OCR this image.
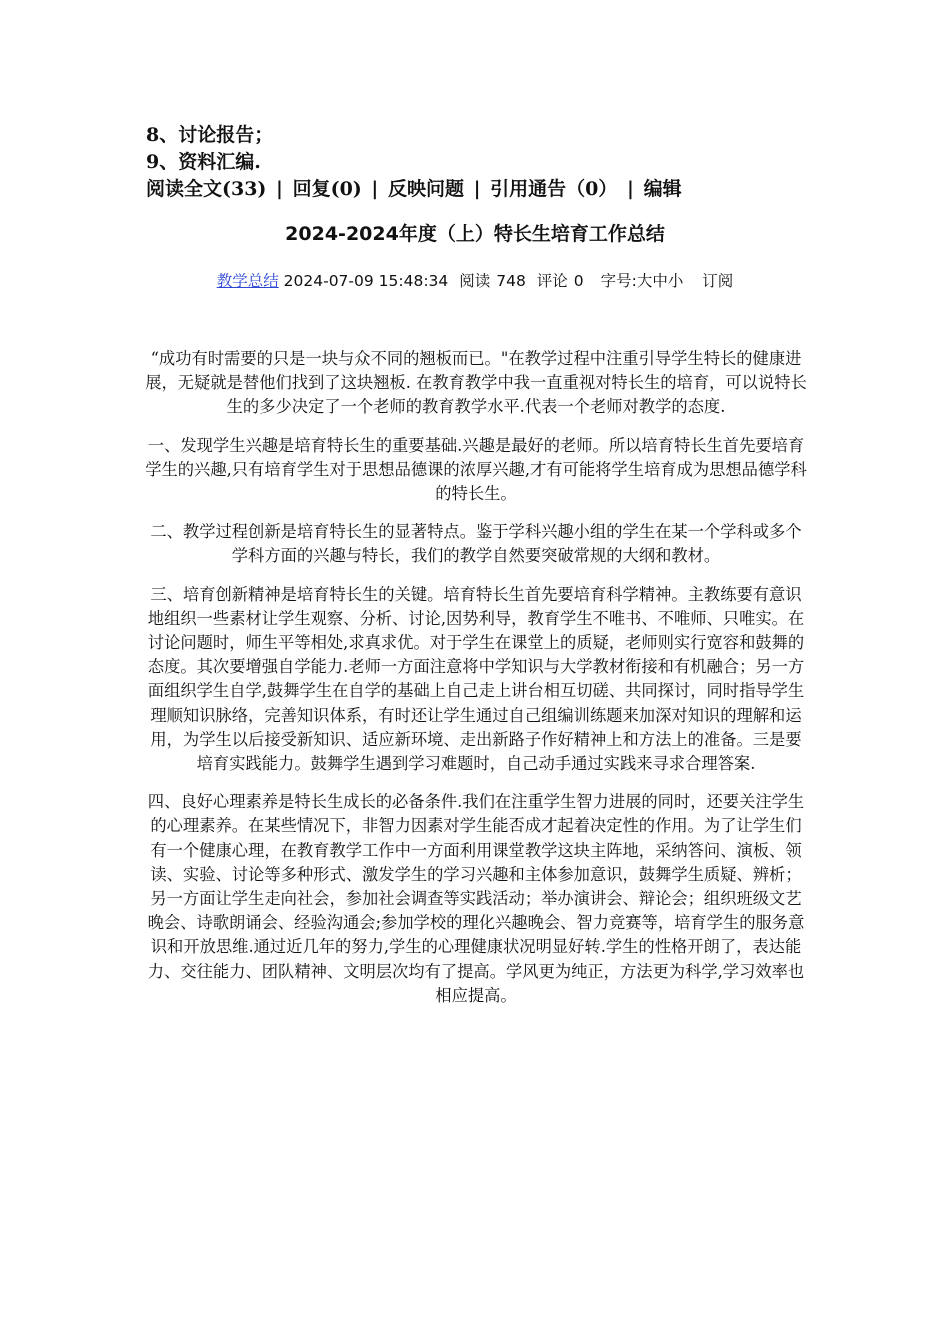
8、讨论报告；
9、资料汇编.
阅读全文(33) | 回复(0) | 反映问题 | 引用通告（0） | 编辑
2024-2024年度（上）特长生培育工作总结
教学总结 2024-07-09 15:48:34 阅读 748 评论 0 字号:大中小 订阅

“成功有时需要的只是一块与众不同的翘板而已。"在教学过程中注重引导学生特长的健康进展，无疑就是替他们找到了这块翘板. 在教育教学中我一直重视对特长生的培育，可以说特长生的多少决定了一个老师的教育教学水平.代表一个老师对教学的态度.

一、发现学生兴趣是培育特长生的重要基础.兴趣是最好的老师。所以培育特长生首先要培育学生的兴趣,只有培育学生对于思想品德课的浓厚兴趣,才有可能将学生培育成为思想品德学科的特长生。

二、教学过程创新是培育特长生的显著特点。鉴于学科兴趣小组的学生在某一个学科或多个学科方面的兴趣与特长，我们的教学自然要突破常规的大纲和教材。

三、培育创新精神是培育特长生的关键。培育特长生首先要培育科学精神。主教练要有意识地组织一些素材让学生观察、分析、讨论,因势利导，教育学生不唯书、不唯师、只唯实。在讨论问题时，师生平等相处,求真求优。对于学生在课堂上的质疑，老师则实行宽容和鼓舞的态度。其次要增强自学能力.老师一方面注意将中学知识与大学教材衔接和有机融合；另一方面组织学生自学,鼓舞学生在自学的基础上自己走上讲台相互切磋、共同探讨，同时指导学生理顺知识脉络，完善知识体系，有时还让学生通过自己组编训练题来加深对知识的理解和运用，为学生以后接受新知识、适应新环境、走出新路子作好精神上和方法上的准备。三是要培育实践能力。鼓舞学生遇到学习难题时，自己动手通过实践来寻求合理答案.

四、良好心理素养是特长生成长的必备条件.我们在注重学生智力进展的同时，还要关注学生的心理素养。在某些情况下，非智力因素对学生能否成才起着决定性的作用。为了让学生们有一个健康心理，在教育教学工作中一方面利用课堂教学这块主阵地，采纳答问、演板、领读、实验、讨论等多种形式、激发学生的学习兴趣和主体参加意识，鼓舞学生质疑、辨析；另一方面让学生走向社会，参加社会调查等实践活动；举办演讲会、辩论会；组织班级文艺晚会、诗歌朗诵会、经验沟通会;参加学校的理化兴趣晚会、智力竞赛等，培育学生的服务意识和开放思维.通过近几年的努力,学生的心理健康状况明显好转.学生的性格开朗了，表达能力、交往能力、团队精神、文明层次均有了提高。学风更为纯正，方法更为科学,学习效率也相应提高。
